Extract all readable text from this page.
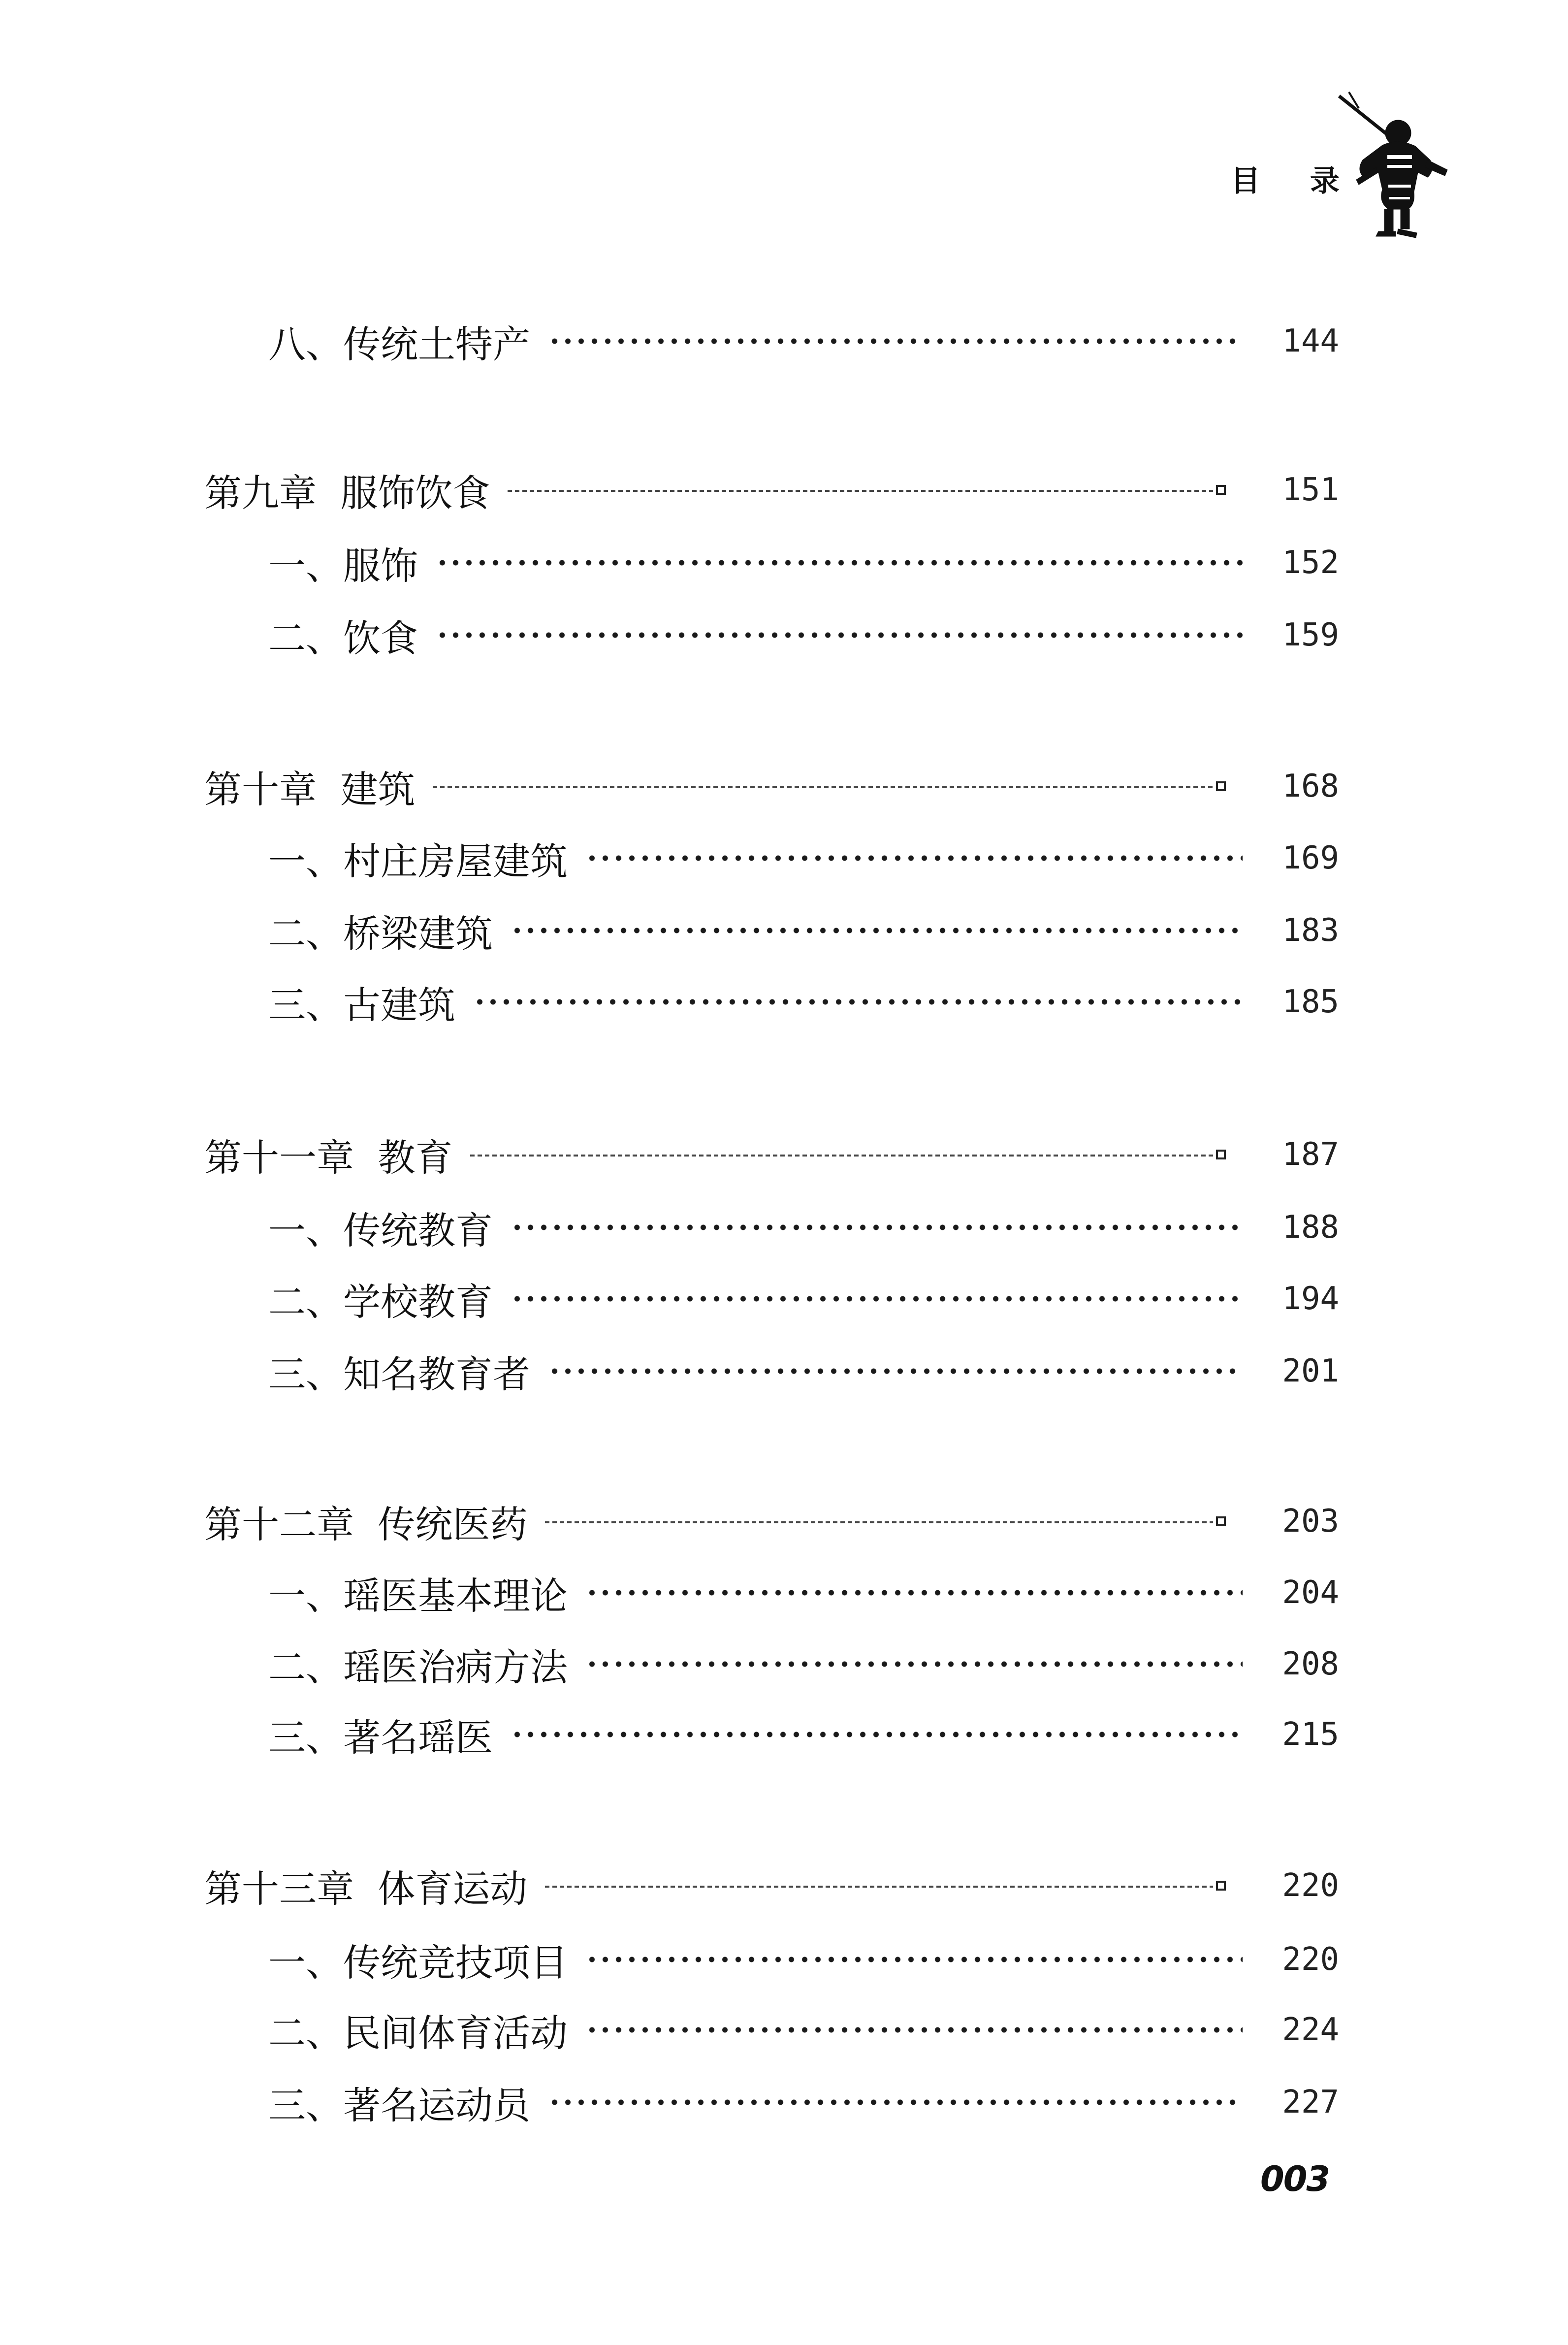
目 录
八、传统土特产	144
第九章  服饰饮食	151
一、服饰	152
二、饮食	159
第十章  建筑	168
一、村庄房屋建筑	169
二、桥梁建筑	183
三、古建筑	185
第十一章  教育	187
一、传统教育	188
二、学校教育	194
三、知名教育者	201
第十二章  传统医药	203
一、瑶医基本理论	204
二、瑶医治病方法	208
三、著名瑶医	215
第十三章  体育运动	220
一、传统竞技项目	220
二、民间体育活动	224
三、著名运动员	227
003
